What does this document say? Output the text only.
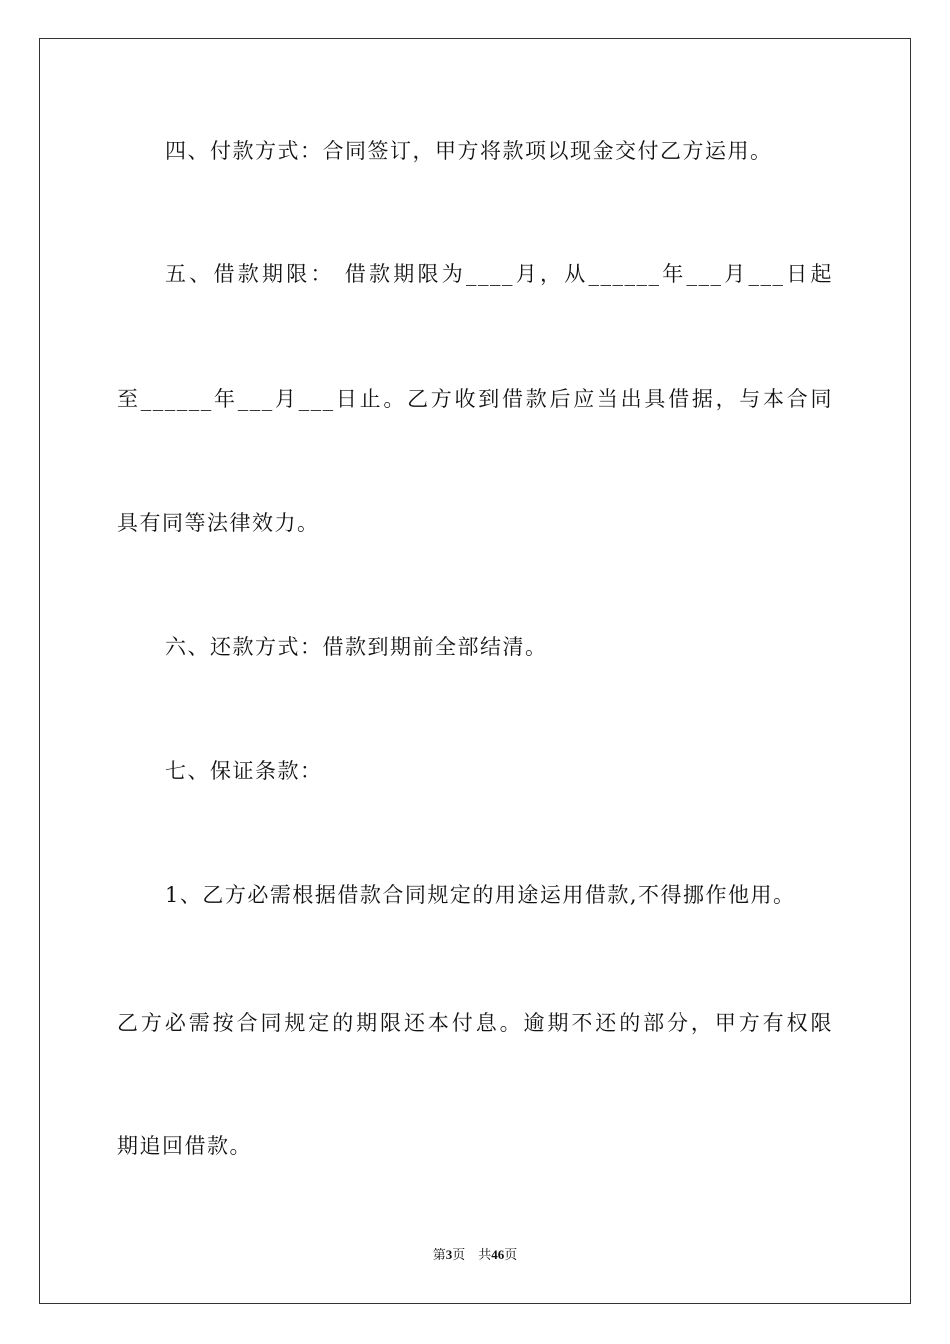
四、付款方式：合同签订，甲方将款项以现金交付乙方运用。
五、借款期限： 借款期限为____月，从______年___月___日起
至______年___月___日止。乙方收到借款后应当出具借据，与本合同
具有同等法律效力。
六、还款方式：借款到期前全部结清。
七、保证条款：
1、乙方必需根据借款合同规定的用途运用借款,不得挪作他用。
乙方必需按合同规定的期限还本付息。逾期不还的部分，甲方有权限
期追回借款。
第3页 共46页
